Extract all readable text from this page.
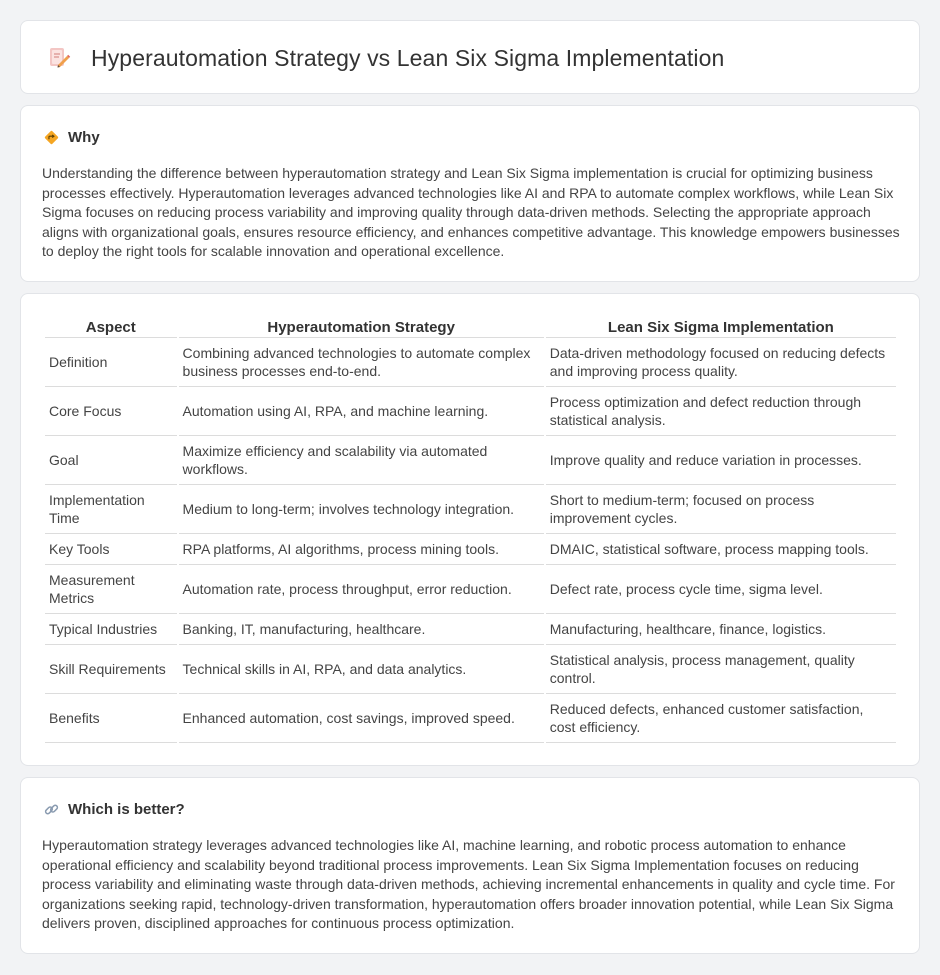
Hyperautomation Strategy vs Lean Six Sigma Implementation
Why

Understanding the difference between hyperautomation strategy and Lean Six Sigma implementation is crucial for optimizing business processes effectively. Hyperautomation leverages advanced technologies like AI and RPA to automate complex workflows, while Lean Six Sigma focuses on reducing process variability and improving quality through data-driven methods. Selecting the appropriate approach aligns with organizational goals, ensures resource efficiency, and enhances competitive advantage. This knowledge empowers businesses to deploy the right tools for scalable innovation and operational excellence.

Aspect	Hyperautomation Strategy	Lean Six Sigma Implementation
Definition	Combining advanced technologies to automate complex business processes end-to-end.	Data-driven methodology focused on reducing defects and improving process quality.
Core Focus	Automation using AI, RPA, and machine learning.	Process optimization and defect reduction through statistical analysis.
Goal	Maximize efficiency and scalability via automated workflows.	Improve quality and reduce variation in processes.
Implementation Time	Medium to long-term; involves technology integration.	Short to medium-term; focused on process improvement cycles.
Key Tools	RPA platforms, AI algorithms, process mining tools.	DMAIC, statistical software, process mapping tools.
Measurement Metrics	Automation rate, process throughput, error reduction.	Defect rate, process cycle time, sigma level.
Typical Industries	Banking, IT, manufacturing, healthcare.	Manufacturing, healthcare, finance, logistics.
Skill Requirements	Technical skills in AI, RPA, and data analytics.	Statistical analysis, process management, quality control.
Benefits	Enhanced automation, cost savings, improved speed.	Reduced defects, enhanced customer satisfaction, cost efficiency.
Which is better?

Hyperautomation strategy leverages advanced technologies like AI, machine learning, and robotic process automation to enhance operational efficiency and scalability beyond traditional process improvements. Lean Six Sigma Implementation focuses on reducing process variability and eliminating waste through data-driven methods, achieving incremental enhancements in quality and cycle time. For organizations seeking rapid, technology-driven transformation, hyperautomation offers broader innovation potential, while Lean Six Sigma delivers proven, disciplined approaches for continuous process optimization.
